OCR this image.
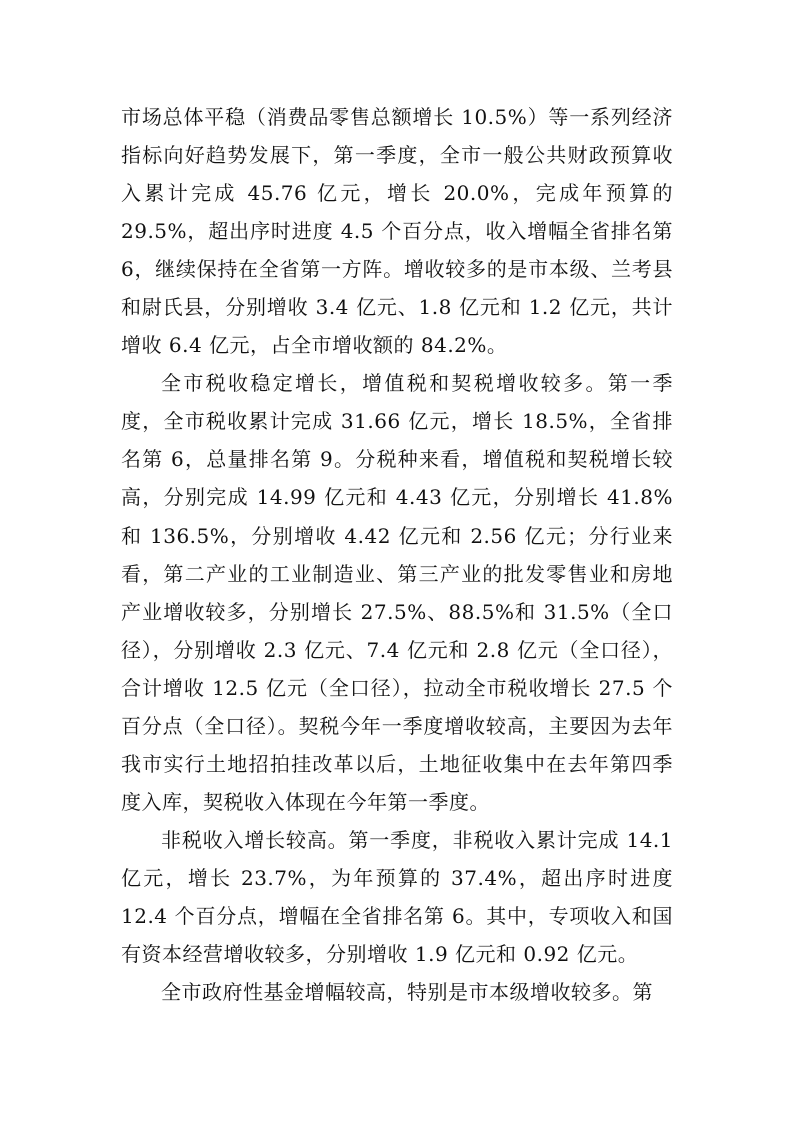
市场总体平稳（消费品零售总额增长 10.5%）等一系列经济指标向好趋势发展下，第一季度，全市一般公共财政预算收入累计完成 45.76 亿元，增长 20.0%，完成年预算的 29.5%，超出序时进度 4.5 个百分点，收入增幅全省排名第 6，继续保持在全省第一方阵。增收较多的是市本级、兰考县和尉氏县，分别增收 3.4 亿元、1.8 亿元和 1.2 亿元，共计增收 6.4 亿元，占全市增收额的 84.2%。

全市税收稳定增长，增值税和契税增收较多。第一季度，全市税收累计完成 31.66 亿元，增长 18.5%，全省排名第 6，总量排名第 9。分税种来看，增值税和契税增长较高，分别完成 14.99 亿元和 4.43 亿元，分别增长 41.8%和 136.5%，分别增收 4.42 亿元和 2.56 亿元；分行业来看，第二产业的工业制造业、第三产业的批发零售业和房地产业增收较多，分别增长 27.5%、88.5%和 31.5%（全口径），分别增收 2.3 亿元、7.4 亿元和 2.8 亿元（全口径），合计增收 12.5 亿元（全口径），拉动全市税收增长 27.5 个百分点（全口径）。契税今年一季度增收较高，主要因为去年我市实行土地招拍挂改革以后，土地征收集中在去年第四季度入库，契税收入体现在今年第一季度。

非税收入增长较高。第一季度，非税收入累计完成 14.1 亿元，增长 23.7%，为年预算的 37.4%，超出序时进度 12.4 个百分点，增幅在全省排名第 6。其中，专项收入和国有资本经营增收较多，分别增收 1.9 亿元和 0.92 亿元。

全市政府性基金增幅较高，特别是市本级增收较多。第
